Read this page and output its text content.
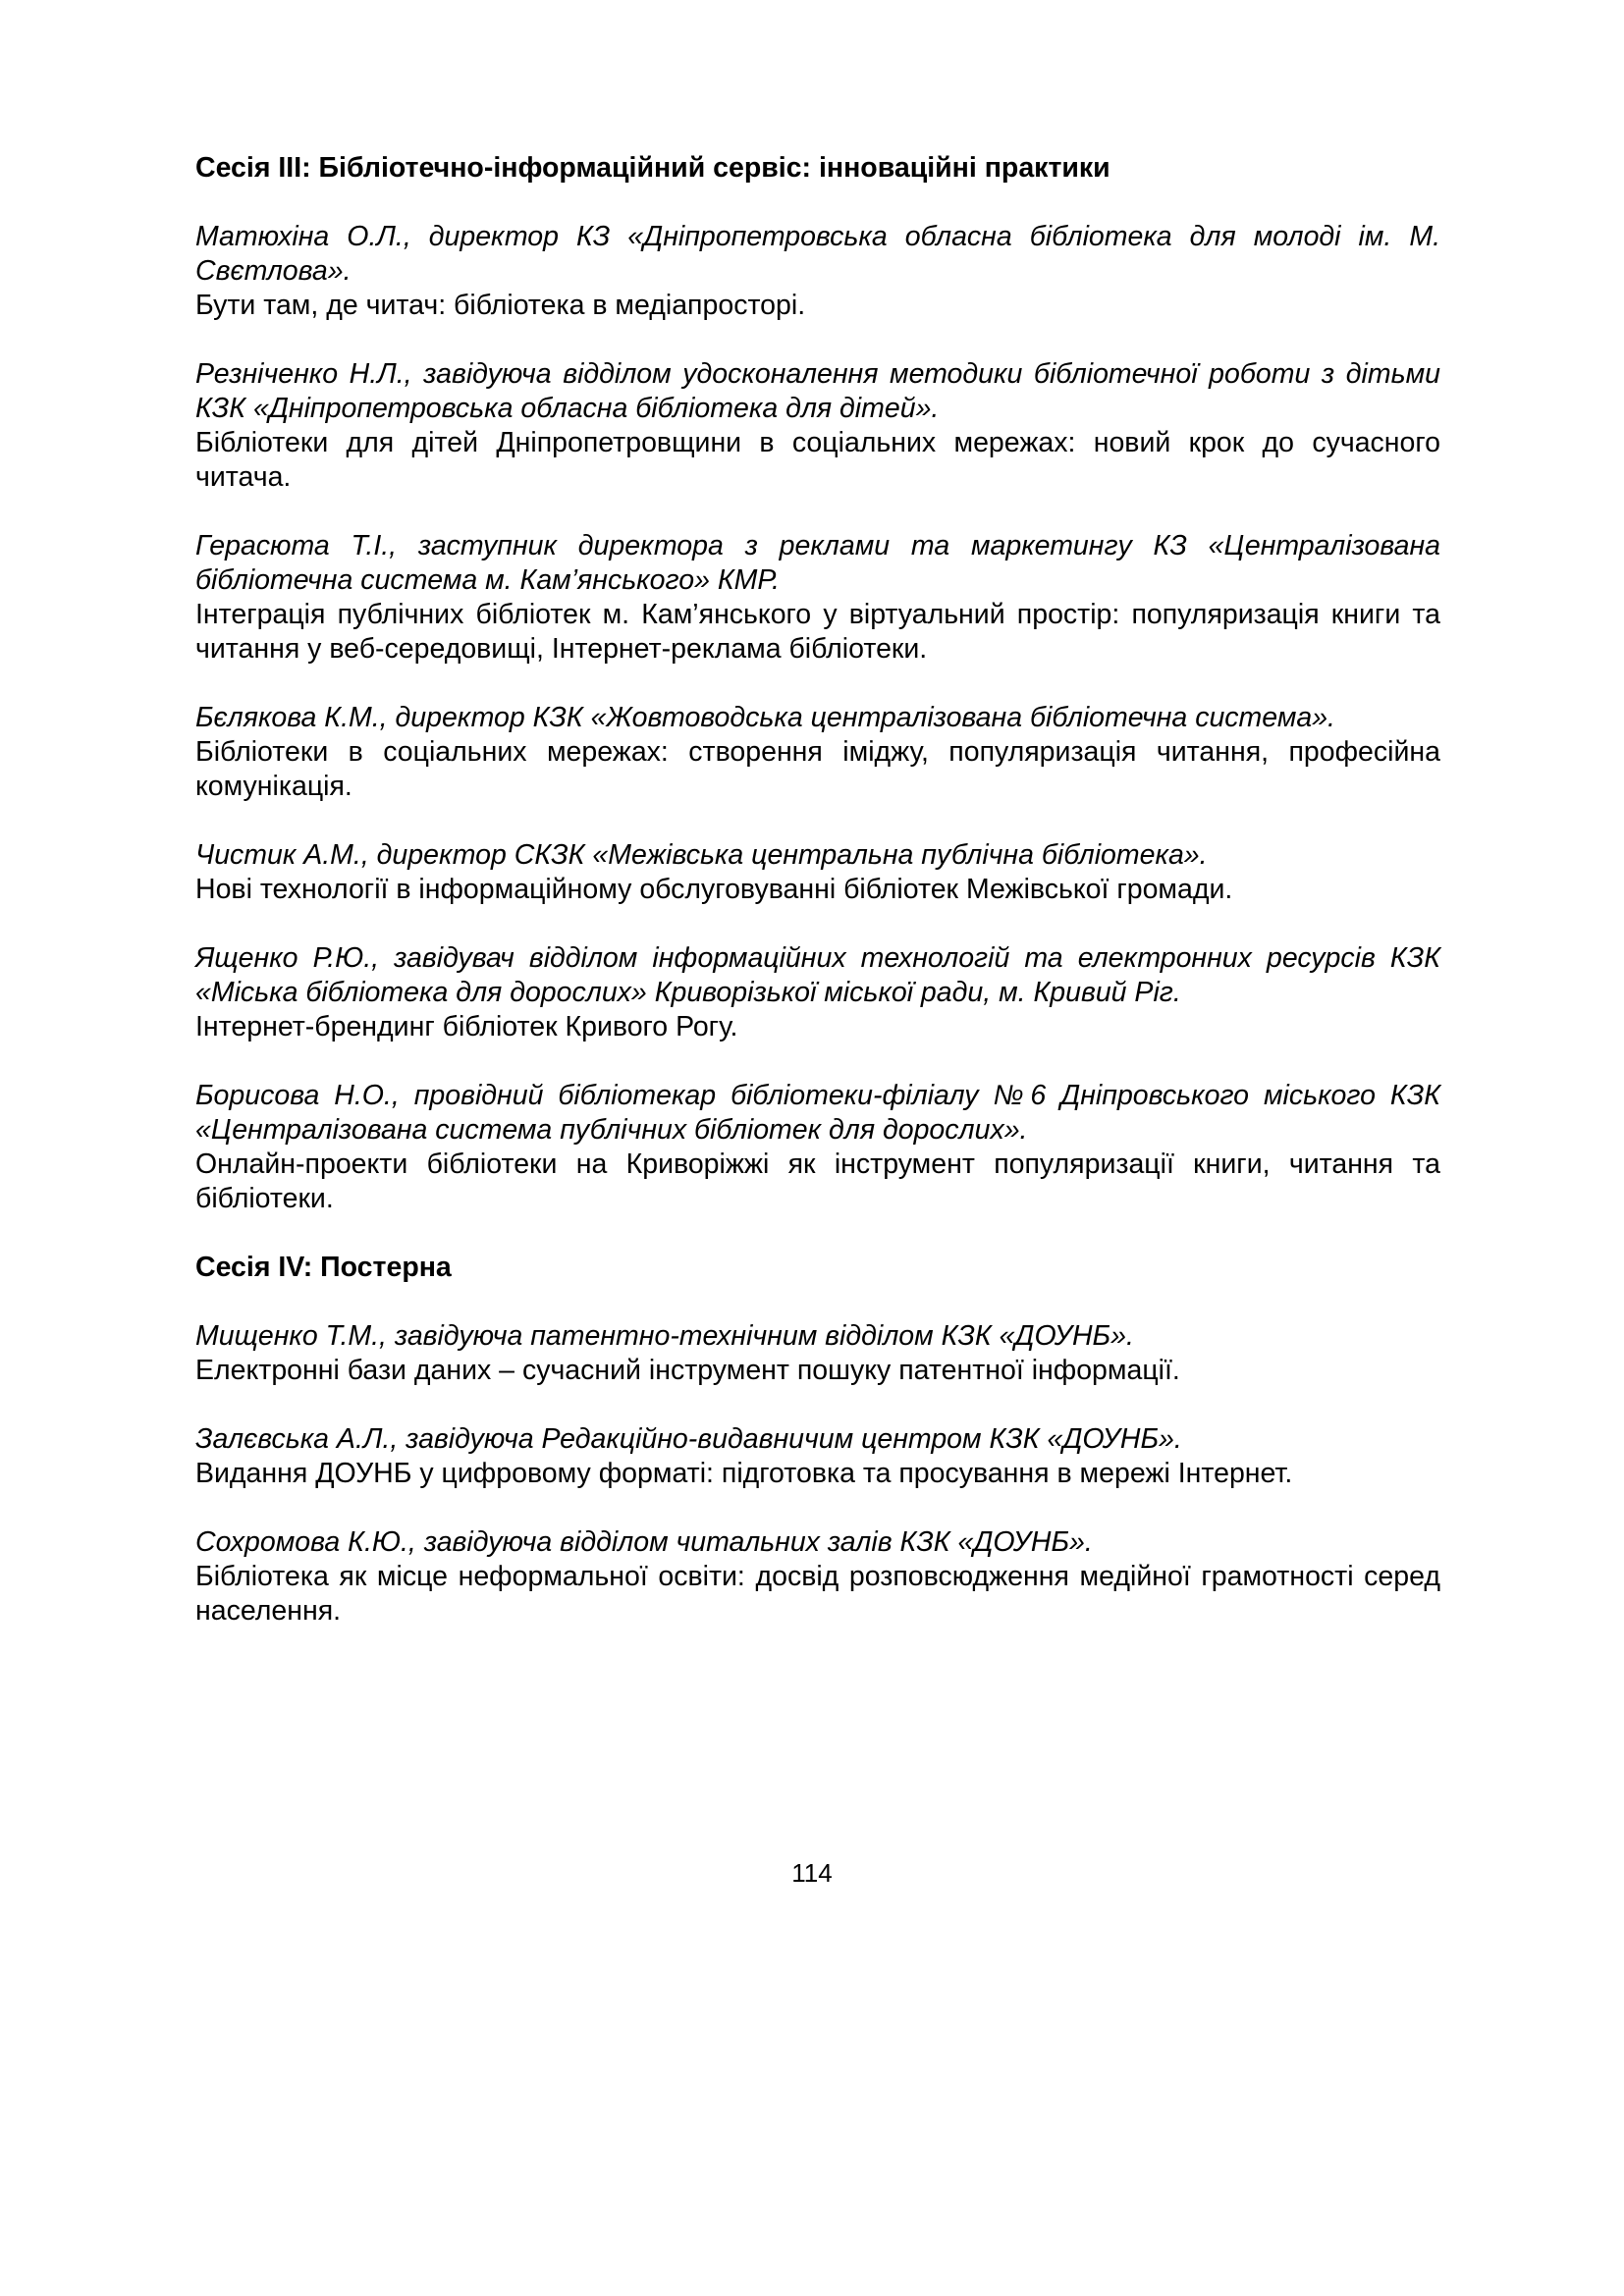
Сесія ІІІ: Бібліотечно-інформаційний сервіс: інноваційні практики
Матюхіна О.Л., директор КЗ «Дніпропетровська обласна бібліотека для молоді ім. М. Свєтлова».
Бути там, де читач: бібліотека в медіапросторі.
Резніченко Н.Л., завідуюча відділом удосконалення методики бібліотечної роботи з дітьми КЗК «Дніпропетровська обласна бібліотека для дітей».
Бібліотеки для дітей Дніпропетровщини в соціальних мережах: новий крок до сучасного читача.
Герасюта Т.І., заступник директора з реклами та маркетингу КЗ «Централізована бібліотечна система м. Кам’янського» КМР.
Інтеграція публічних бібліотек м. Кам’янського у віртуальний простір: популяризація книги та читання у веб-середовищі, Інтернет-реклама бібліотеки.
Бєлякова К.М., директор КЗК «Жовтоводська централізована бібліотечна система».
Бібліотеки в соціальних мережах: створення іміджу, популяризація читання, професійна комунікація.
Чистик А.М., директор СКЗК «Межівська центральна публічна бібліотека».
Нові технології в інформаційному обслуговуванні бібліотек Межівської громади.
Ященко Р.Ю., завідувач відділом інформаційних технологій та електронних ресурсів КЗК «Міська бібліотека для дорослих» Криворізької міської ради, м. Кривий Ріг.
Інтернет-брендинг бібліотек Кривого Рогу.
Борисова Н.О., провідний бібліотекар бібліотеки-філіалу №6 Дніпровського міського КЗК «Централізована система публічних бібліотек для дорослих».
Онлайн-проекти бібліотеки на Криворіжжі як інструмент популяризації книги, читання та бібліотеки.
Сесія IV: Постерна
Мищенко Т.М., завідуюча патентно-технічним відділом КЗК «ДОУНБ».
Електронні бази даних – сучасний інструмент пошуку патентної інформації.
Залєвська А.Л., завідуюча Редакційно-видавничим центром КЗК «ДОУНБ».
Видання ДОУНБ у цифровому форматі: підготовка та просування в мережі Інтернет.
Сохромова К.Ю., завідуюча відділом читальних залів КЗК «ДОУНБ».
Бібліотека як місце неформальної освіти: досвід розповсюдження медійної грамотності серед населення.
114
